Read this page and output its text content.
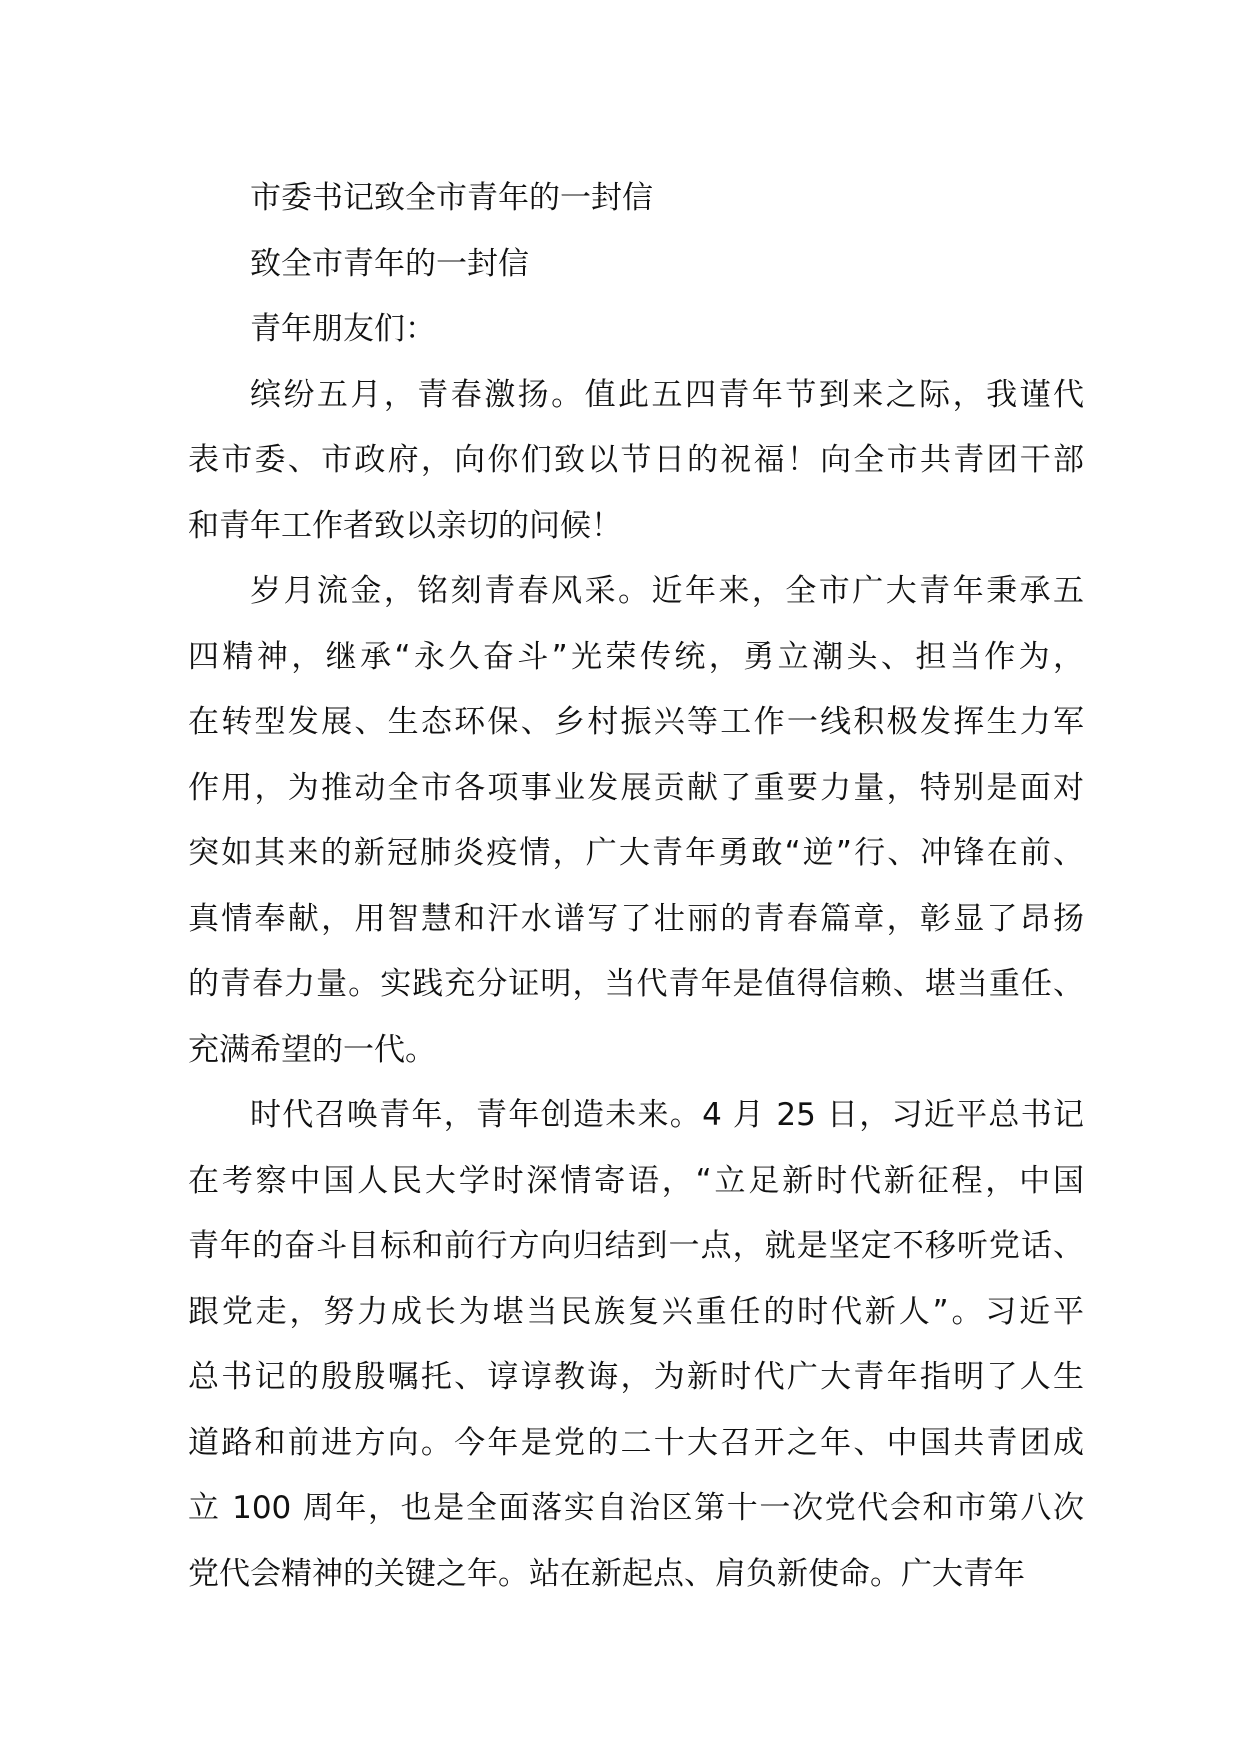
市委书记致全市青年的一封信
致全市青年的一封信
青年朋友们：
缤纷五月，青春激扬。值此五四青年节到来之际，我谨代
表市委、市政府，向你们致以节日的祝福！向全市共青团干部
和青年工作者致以亲切的问候！
岁月流金，铭刻青春风采。近年来，全市广大青年秉承五
四精神，继承“永久奋斗”光荣传统，勇立潮头、担当作为，
在转型发展、生态环保、乡村振兴等工作一线积极发挥生力军
作用，为推动全市各项事业发展贡献了重要力量，特别是面对
突如其来的新冠肺炎疫情，广大青年勇敢“逆”行、冲锋在前、
真情奉献，用智慧和汗水谱写了壮丽的青春篇章，彰显了昂扬
的青春力量。实践充分证明，当代青年是值得信赖、堪当重任、
充满希望的一代。
时代召唤青年，青年创造未来。4 月 25 日，习近平总书记
在考察中国人民大学时深情寄语，“立足新时代新征程，中国
青年的奋斗目标和前行方向归结到一点，就是坚定不移听党话、
跟党走，努力成长为堪当民族复兴重任的时代新人”。习近平
总书记的殷殷嘱托、谆谆教诲，为新时代广大青年指明了人生
道路和前进方向。今年是党的二十大召开之年、中国共青团成
立 100 周年，也是全面落实自治区第十一次党代会和市第八次
党代会精神的关键之年。站在新起点、肩负新使命。广大青年
